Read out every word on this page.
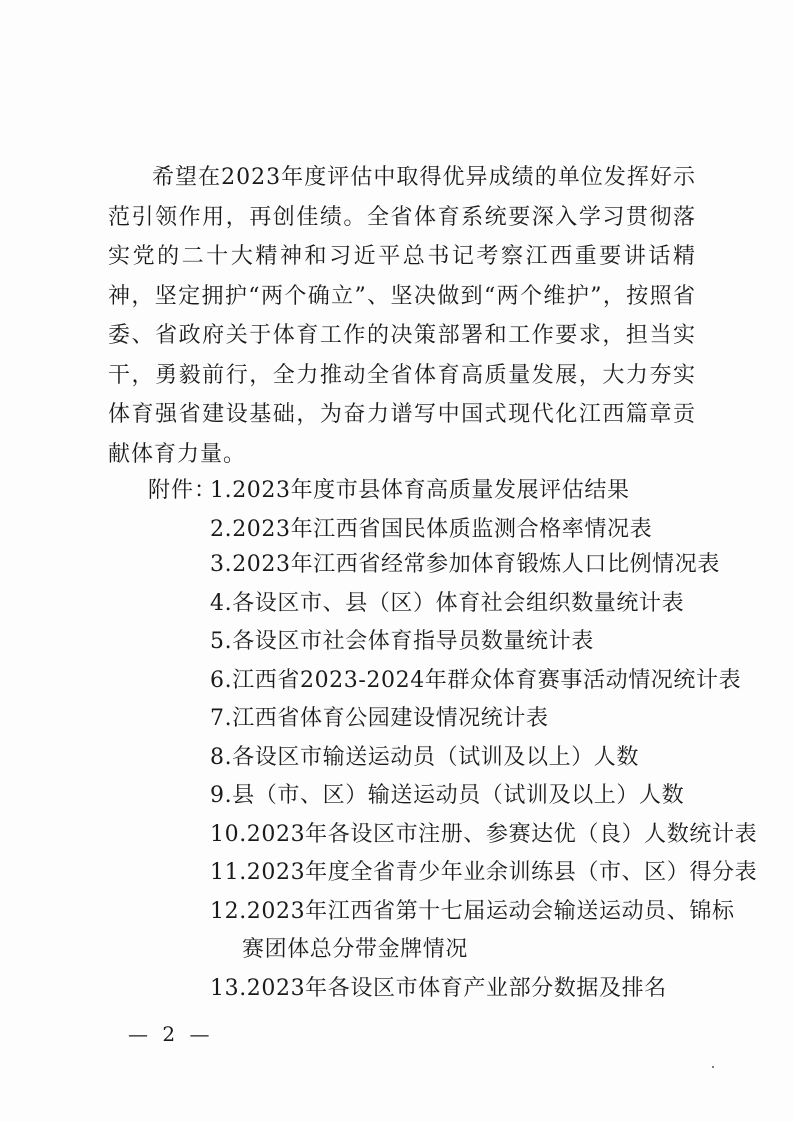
希望在2023年度评估中取得优异成绩的单位发挥好示范引领作用，再创佳绩。全省体育系统要深入学习贯彻落实党的二十大精神和习近平总书记考察江西重要讲话精神，坚定拥护“两个确立”、坚决做到“两个维护”，按照省委、省政府关于体育工作的决策部署和工作要求，担当实干，勇毅前行，全力推动全省体育高质量发展，大力夯实体育强省建设基础，为奋力谱写中国式现代化江西篇章贡献体育力量。

附件：
1.2023年度市县体育高质量发展评估结果
2.2023年江西省国民体质监测合格率情况表
3.2023年江西省经常参加体育锻炼人口比例情况表
4.各设区市、县（区）体育社会组织数量统计表
5.各设区市社会体育指导员数量统计表
6.江西省2023-2024年群众体育赛事活动情况统计表
7.江西省体育公园建设情况统计表
8.各设区市输送运动员（试训及以上）人数
9.县（市、区）输送运动员（试训及以上）人数
10.2023年各设区市注册、参赛达优（良）人数统计表
11.2023年度全省青少年业余训练县（市、区）得分表
12.2023年江西省第十七届运动会输送运动员、锦标
赛团体总分带金牌情况
13.2023年各设区市体育产业部分数据及排名
— 2 —
